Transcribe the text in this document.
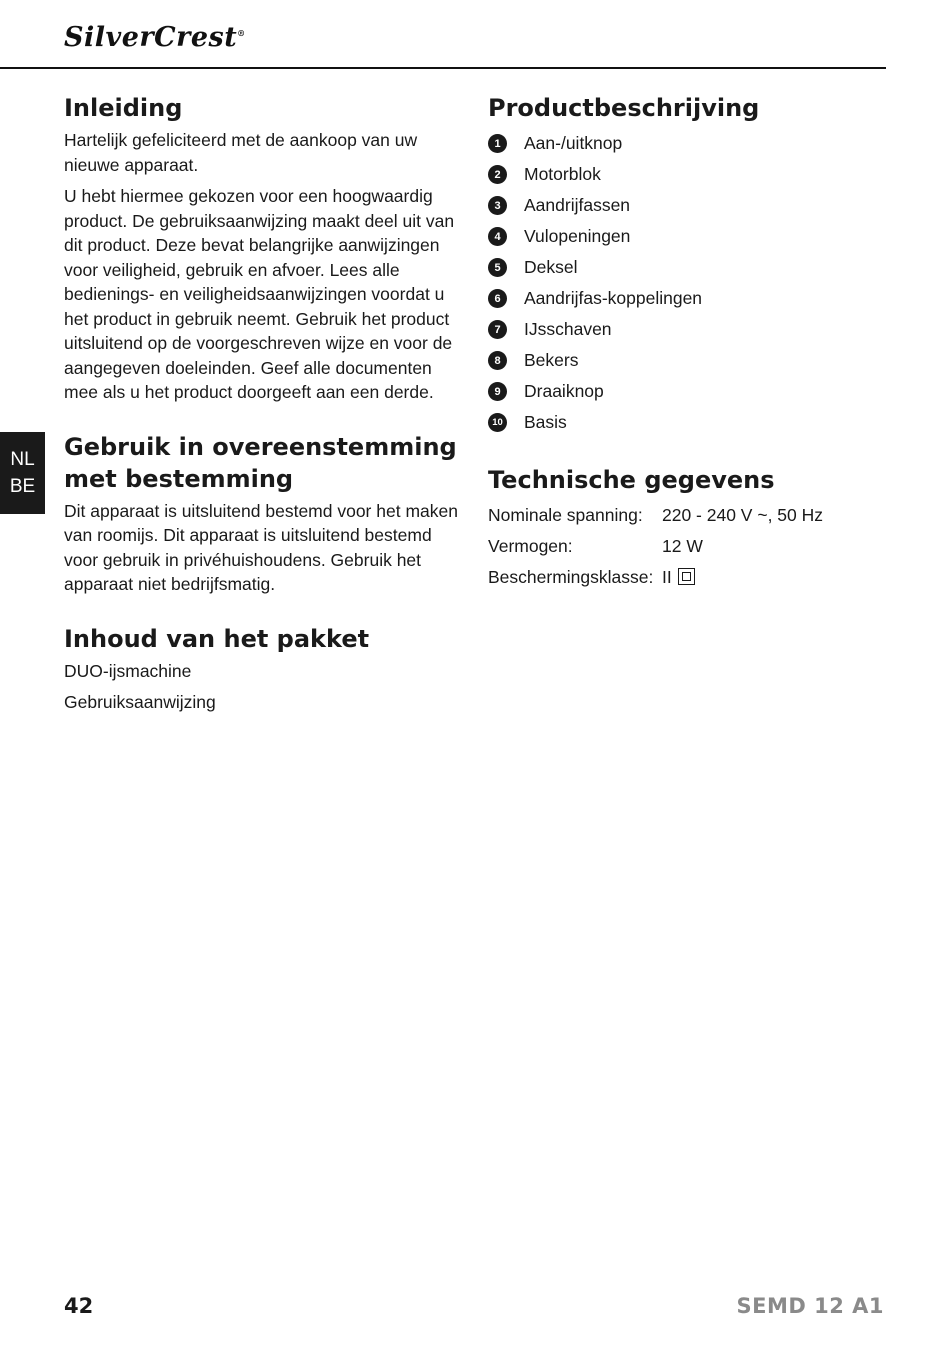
SilverCrest®
NL
BE
Inleiding

Hartelijk gefeliciteerd met de aankoop van uw nieuwe apparaat.

U hebt hiermee gekozen voor een hoogwaardig product. De gebruiksaanwijzing maakt deel uit van dit product. Deze bevat belangrijke aanwijzingen voor veiligheid, gebruik en afvoer. Lees alle bedienings- en veiligheidsaanwijzingen voordat u het product in gebruik neemt. Gebruik het product uitsluitend op de voorgeschreven wijze en voor de aangegeven doeleinden. Geef alle documenten mee als u het product doorgeeft aan een derde.

Gebruik in overeenstemming met bestemming

Dit apparaat is uitsluitend bestemd voor het maken van roomijs. Dit apparaat is uitsluitend bestemd voor gebruik in privéhuishoudens. Gebruik het apparaat niet bedrijfsmatig.

Inhoud van het pakket

DUO-ijsmachine

Gebruiksaanwijzing

Productbeschrijving
1	Aan-/uitknop
2	Motorblok
3	Aandrijfassen
4	Vulopeningen
5	Deksel
6	Aandrijfas-koppelingen
7	IJsschaven
8	Bekers
9	Draaiknop
10 Basis
Technische gegevens
Nominale spanning:	220 - 240 V ~, 50 Hz
Vermogen:	12 W
Beschermingsklasse:	II
42	SEMD 12 A1
